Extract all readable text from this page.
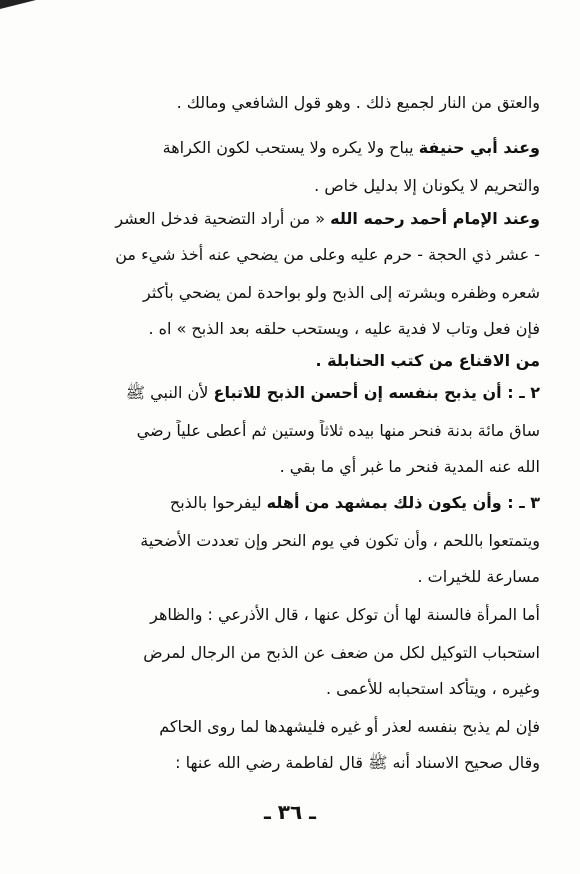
والعتق من النار لجميع ذلك . وهو قول الشافعي ومالك .
وعند أبي حنيفة يباح ولا يكره ولا يستحب لكون الكراهة
والتحريم لا يكونان إلا بدليل خاص .
وعند الإمام أحمد رحمه الله « من أراد التضحية فدخل العشر
- عشر ذي الحجة - حرم عليه وعلى من يضحي عنه أخذ شيء من
شعره وظفره وبشرته إلى الذبح ولو بواحدة لمن يضحي بأكثر
فإن فعل وتاب لا فدية عليه ، ويستحب حلقه بعد الذبح » اه .
من الاقناع من كتب الحنابلة .
٢ ـ : أن يذبح بنفسه إن أحسن الذبح للاتباع لأن النبي ﷺ
ساق مائة بدنة فنحر منها بيده ثلاثاً وستين ثم أعطى علياً رضي
الله عنه المدية فنحر ما غبر أي ما بقي .
٣ ـ : وأن يكون ذلك بمشهد من أهله ليفرحوا بالذبح
ويتمتعوا باللحم ، وأن تكون في يوم النحر وإن تعددت الأضحية
مسارعة للخيرات .
أما المرأة فالسنة لها أن توكل عنها ، قال الأذرعي : والظاهر
استحباب التوكيل لكل من ضعف عن الذبح من الرجال لمرض
وغيره ، ويتأكد استحبابه للأعمى .
فإن لم يذبح بنفسه لعذر أو غيره فليشهدها لما روى الحاكم
وقال صحيح الاسناد أنه ﷺ قال لفاطمة رضي الله عنها :
ـ ٣٦ ـ
